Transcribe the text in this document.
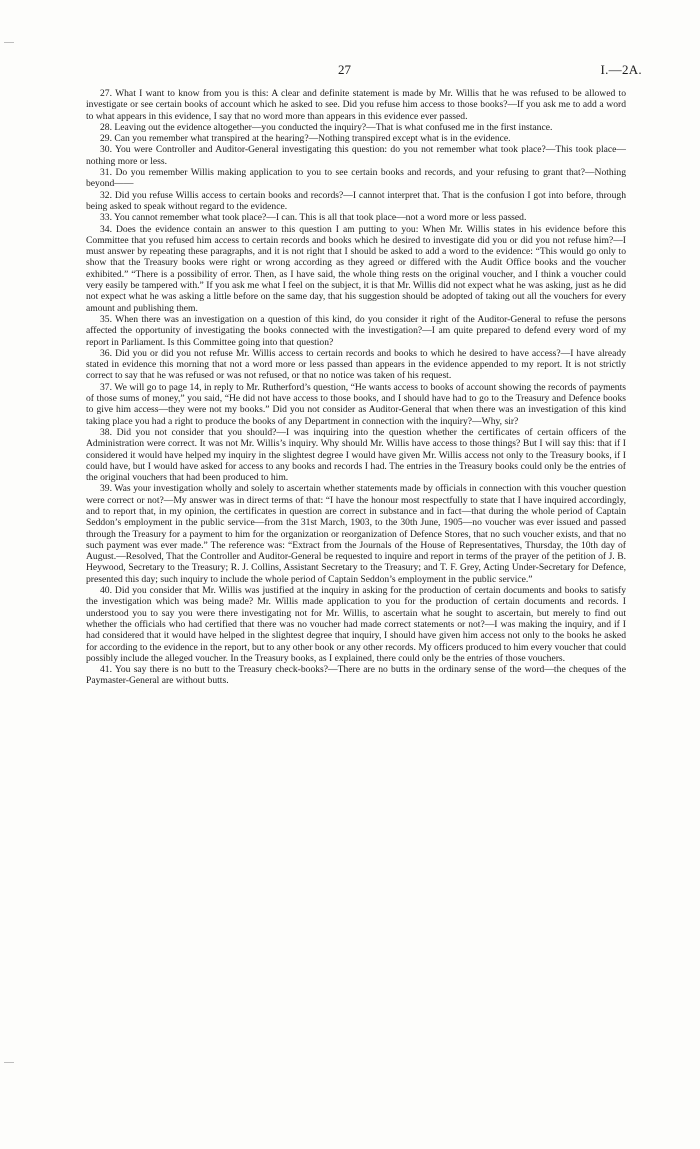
27	I.—2A.

27. What I want to know from you is this: A clear and definite statement is made by Mr. Willis that he was refused to be allowed to investigate or see certain books of account which he asked to see. Did you refuse him access to those books?—If you ask me to add a word to what appears in this evidence, I say that no word more than appears in this evidence ever passed.

28. Leaving out the evidence altogether—you conducted the inquiry?—That is what confused me in the first instance.

29. Can you remember what transpired at the hearing?—Nothing transpired except what is in the evidence.

30. You were Controller and Auditor-General investigating this question: do you not remember what took place?—This took place—nothing more or less.

31. Do you remember Willis making application to you to see certain books and records, and your refusing to grant that?—Nothing beyond——

32. Did you refuse Willis access to certain books and records?—I cannot interpret that. That is the confusion I got into before, through being asked to speak without regard to the evidence.

33. You cannot remember what took place?—I can. This is all that took place—not a word more or less passed.

34. Does the evidence contain an answer to this question I am putting to you: When Mr. Willis states in his evidence before this Committee that you refused him access to certain records and books which he desired to investigate did you or did you not refuse him?—I must answer by repeating these paragraphs, and it is not right that I should be asked to add a word to the evidence: “This would go only to show that the Treasury books were right or wrong according as they agreed or differed with the Audit Office books and the voucher exhibited.” “There is a possibility of error. Then, as I have said, the whole thing rests on the original voucher, and I think a voucher could very easily be tampered with.” If you ask me what I feel on the subject, it is that Mr. Willis did not expect what he was asking, just as he did not expect what he was asking a little before on the same day, that his suggestion should be adopted of taking out all the vouchers for every amount and publishing them.

35. When there was an investigation on a question of this kind, do you consider it right of the Auditor-General to refuse the persons affected the opportunity of investigating the books connected with the investigation?—I am quite prepared to defend every word of my report in Parliament. Is this Committee going into that question?

36. Did you or did you not refuse Mr. Willis access to certain records and books to which he desired to have access?—I have already stated in evidence this morning that not a word more or less passed than appears in the evidence appended to my report. It is not strictly correct to say that he was refused or was not refused, or that no notice was taken of his request.

37. We will go to page 14, in reply to Mr. Rutherford’s question, “He wants access to books of account showing the records of payments of those sums of money,” you said, “He did not have access to those books, and I should have had to go to the Treasury and Defence books to give him access—they were not my books.” Did you not consider as Auditor-General that when there was an investigation of this kind taking place you had a right to produce the books of any Department in connection with the inquiry?—Why, sir?

38. Did you not consider that you should?—I was inquiring into the question whether the certificates of certain officers of the Administration were correct. It was not Mr. Willis’s inquiry. Why should Mr. Willis have access to those things? But I will say this: that if I considered it would have helped my inquiry in the slightest degree I would have given Mr. Willis access not only to the Treasury books, if I could have, but I would have asked for access to any books and records I had. The entries in the Treasury books could only be the entries of the original vouchers that had been produced to him.

39. Was your investigation wholly and solely to ascertain whether statements made by officials in connection with this voucher question were correct or not?—My answer was in direct terms of that: “I have the honour most respectfully to state that I have inquired accordingly, and to report that, in my opinion, the certificates in question are correct in substance and in fact—that during the whole period of Captain Seddon’s employment in the public service—from the 31st March, 1903, to the 30th June, 1905—no voucher was ever issued and passed through the Treasury for a payment to him for the organization or reorganization of Defence Stores, that no such voucher exists, and that no such payment was ever made.” The reference was: “Extract from the Journals of the House of Representatives, Thursday, the 10th day of August.—Resolved, That the Controller and Auditor-General be requested to inquire and report in terms of the prayer of the petition of J. B. Heywood, Secretary to the Treasury; R. J. Collins, Assistant Secretary to the Treasury; and T. F. Grey, Acting Under-Secretary for Defence, presented this day; such inquiry to include the whole period of Captain Seddon’s employment in the public service.”

40. Did you consider that Mr. Willis was justified at the inquiry in asking for the production of certain documents and books to satisfy the investigation which was being made? Mr. Willis made application to you for the production of certain documents and records. I understood you to say you were there investigating not for Mr. Willis, to ascertain what he sought to ascertain, but merely to find out whether the officials who had certified that there was no voucher had made correct statements or not?—I was making the inquiry, and if I had considered that it would have helped in the slightest degree that inquiry, I should have given him access not only to the books he asked for according to the evidence in the report, but to any other book or any other records. My officers produced to him every voucher that could possibly include the alleged voucher. In the Treasury books, as I explained, there could only be the entries of those vouchers.

41. You say there is no butt to the Treasury check-books?—There are no butts in the ordinary sense of the word—the cheques of the Paymaster-General are without butts.
